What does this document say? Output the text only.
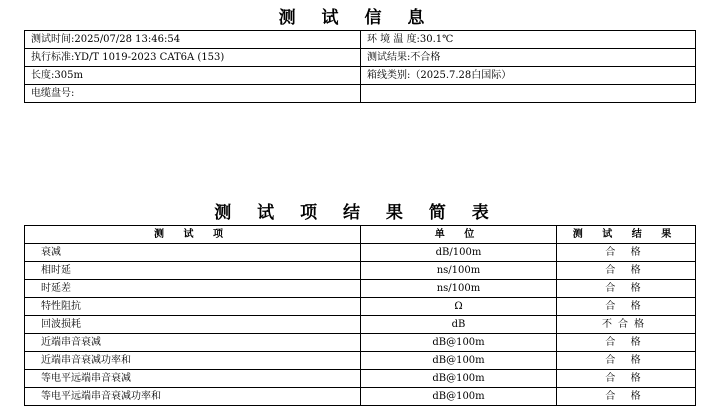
测 试 信 息
测试时间:2025/07/28 13:46:54	环 境 温 度:30.1℃
执行标准:YD/T 1019-2023 CAT6A (153)	测试结果:不合格
长度:305m	箱线类别:（2025.7.28白国际）
电缆盘号:	
测 试 项 结 果 简 表
测 试 项	单 位	测 试 结 果
衰减	dB/100m	合 格
相时延	ns/100m	合 格
时延差	ns/100m	合 格
特性阻抗	Ω	合 格
回波损耗	dB	不合格
近端串音衰减	dB@100m	合 格
近端串音衰减功率和	dB@100m	合 格
等电平远端串音衰减	dB@100m	合 格
等电平远端串音衰减功率和	dB@100m	合 格
